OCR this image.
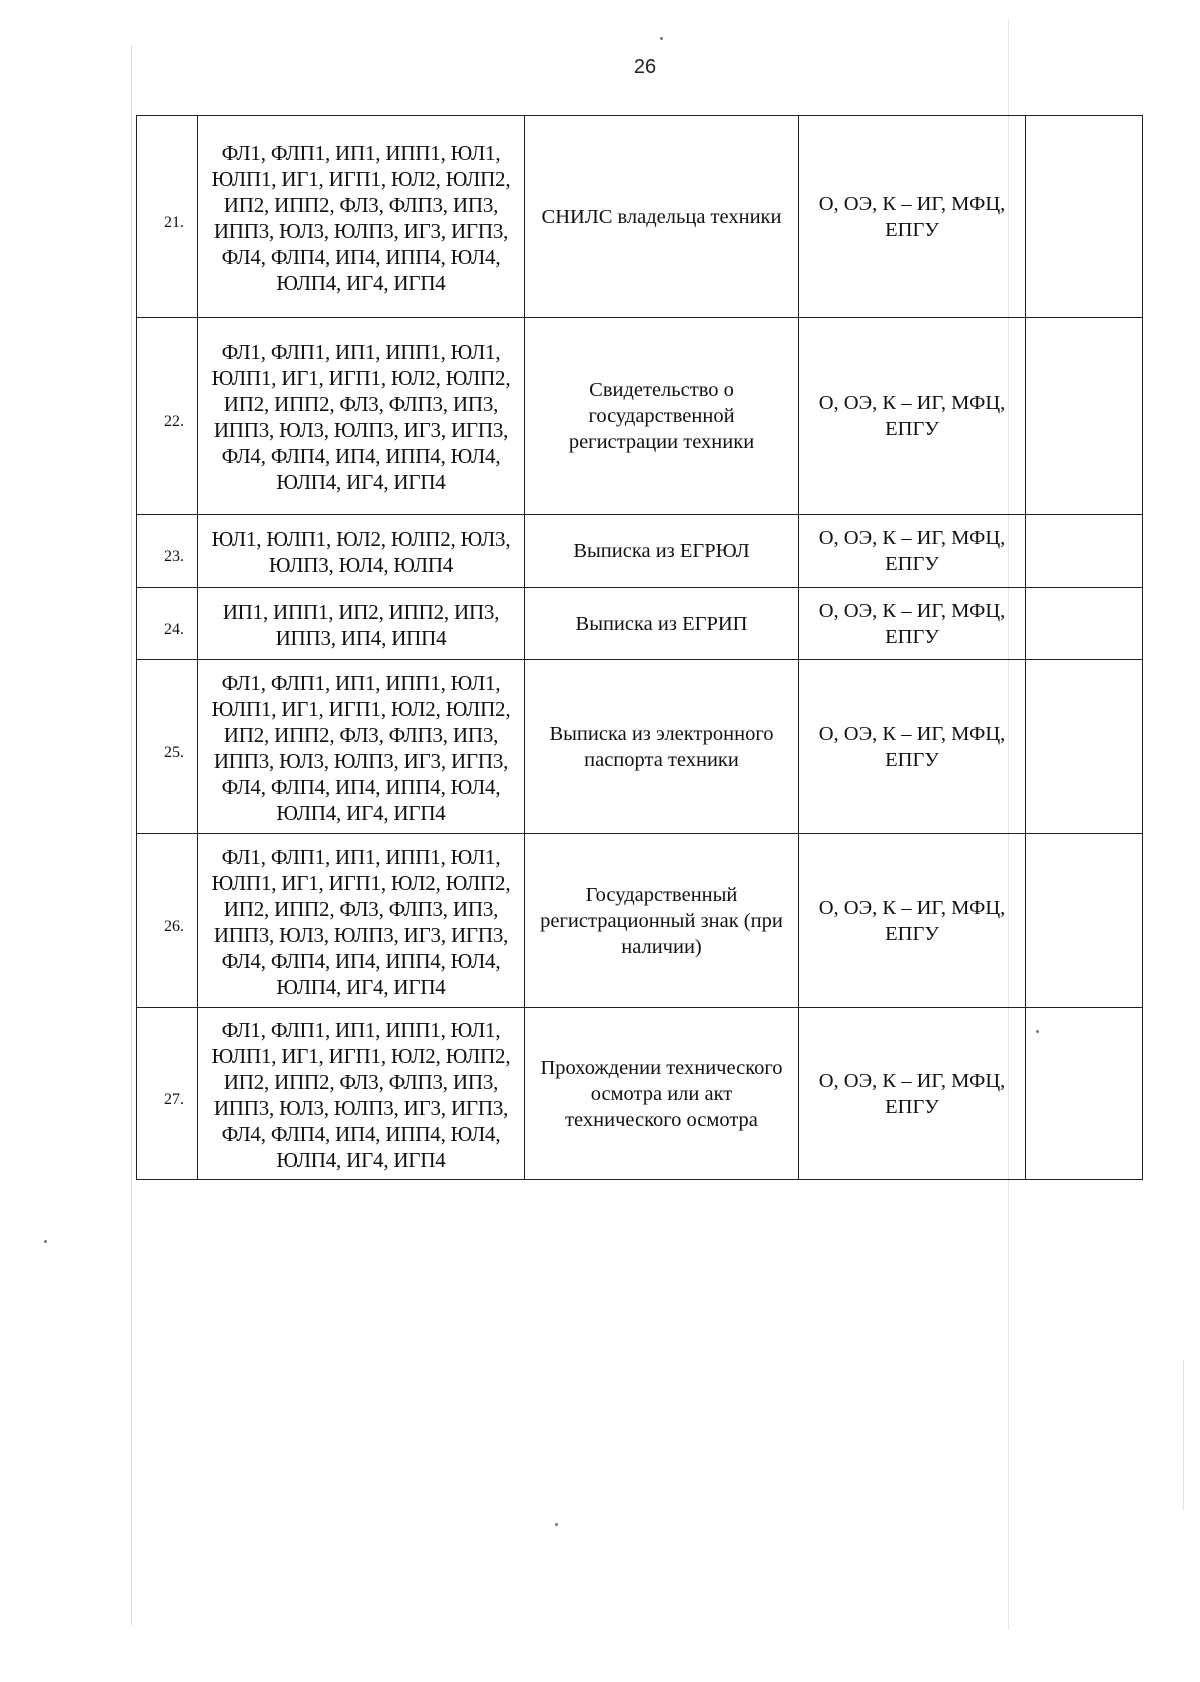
26
21.	ФЛ1, ФЛП1, ИП1, ИПП1, ЮЛ1, ЮЛП1, ИГ1, ИГП1, ЮЛ2, ЮЛП2, ИП2, ИПП2, ФЛ3, ФЛП3, ИП3, ИПП3, ЮЛ3, ЮЛП3, ИГ3, ИГП3, ФЛ4, ФЛП4, ИП4, ИПП4, ЮЛ4, ЮЛП4, ИГ4, ИГП4	СНИЛС владельца техники	О, ОЭ, К – ИГ, МФЦ, ЕПГУ	
22.	ФЛ1, ФЛП1, ИП1, ИПП1, ЮЛ1, ЮЛП1, ИГ1, ИГП1, ЮЛ2, ЮЛП2, ИП2, ИПП2, ФЛ3, ФЛП3, ИП3, ИПП3, ЮЛ3, ЮЛП3, ИГ3, ИГП3, ФЛ4, ФЛП4, ИП4, ИПП4, ЮЛ4, ЮЛП4, ИГ4, ИГП4	Свидетельство о государственной регистрации техники	О, ОЭ, К – ИГ, МФЦ, ЕПГУ	
23.	ЮЛ1, ЮЛП1, ЮЛ2, ЮЛП2, ЮЛ3, ЮЛП3, ЮЛ4, ЮЛП4	Выписка из ЕГРЮЛ	О, ОЭ, К – ИГ, МФЦ, ЕПГУ	
24.	ИП1, ИПП1, ИП2, ИПП2, ИП3, ИПП3, ИП4, ИПП4	Выписка из ЕГРИП	О, ОЭ, К – ИГ, МФЦ, ЕПГУ	
25.	ФЛ1, ФЛП1, ИП1, ИПП1, ЮЛ1, ЮЛП1, ИГ1, ИГП1, ЮЛ2, ЮЛП2, ИП2, ИПП2, ФЛ3, ФЛП3, ИП3, ИПП3, ЮЛ3, ЮЛП3, ИГ3, ИГП3, ФЛ4, ФЛП4, ИП4, ИПП4, ЮЛ4, ЮЛП4, ИГ4, ИГП4	Выписка из электронного паспорта техники	О, ОЭ, К – ИГ, МФЦ, ЕПГУ	
26.	ФЛ1, ФЛП1, ИП1, ИПП1, ЮЛ1, ЮЛП1, ИГ1, ИГП1, ЮЛ2, ЮЛП2, ИП2, ИПП2, ФЛ3, ФЛП3, ИП3, ИПП3, ЮЛ3, ЮЛП3, ИГ3, ИГП3, ФЛ4, ФЛП4, ИП4, ИПП4, ЮЛ4, ЮЛП4, ИГ4, ИГП4	Государственный регистрационный знак (при наличии)	О, ОЭ, К – ИГ, МФЦ, ЕПГУ	
27.	ФЛ1, ФЛП1, ИП1, ИПП1, ЮЛ1, ЮЛП1, ИГ1, ИГП1, ЮЛ2, ЮЛП2, ИП2, ИПП2, ФЛ3, ФЛП3, ИП3, ИПП3, ЮЛ3, ЮЛП3, ИГ3, ИГП3, ФЛ4, ФЛП4, ИП4, ИПП4, ЮЛ4, ЮЛП4, ИГ4, ИГП4	Прохождении технического осмотра или акт технического осмотра	О, ОЭ, К – ИГ, МФЦ, ЕПГУ	
